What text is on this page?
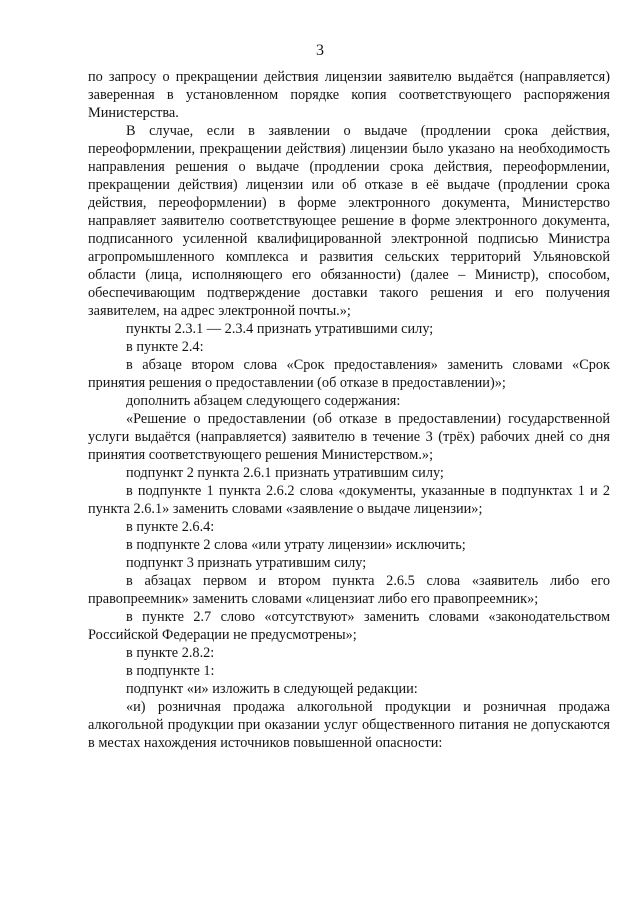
3

по запросу о прекращении действия лицензии заявителю выдаётся (направляется) заверенная в установленном порядке копия соответствующего распоряжения Министерства.

В случае, если в заявлении о выдаче (продлении срока действия, переоформлении, прекращении действия) лицензии было указано на необходимость направления решения о выдаче (продлении срока действия, переоформлении, прекращении действия) лицензии или об отказе в её выдаче (продлении срока действия, переоформлении) в форме электронного документа, Министерство направляет заявителю соответствующее решение в форме электронного документа, подписанного усиленной квалифицированной электронной подписью Министра агропромышленного комплекса и развития сельских территорий Ульяновской области (лица, исполняющего его обязанности) (далее – Министр), способом, обеспечивающим подтверждение доставки такого решения и его получения заявителем, на адрес электронной почты.»;

пункты 2.3.1 — 2.3.4 признать утратившими силу;

в пункте 2.4:

в абзаце втором слова «Срок предоставления» заменить словами «Срок принятия решения о предоставлении (об отказе в предоставлении)»;

дополнить абзацем следующего содержания:

«Решение о предоставлении (об отказе в предоставлении) государственной услуги выдаётся (направляется) заявителю в течение 3 (трёх) рабочих дней со дня принятия соответствующего решения Министерством.»;

подпункт 2 пункта 2.6.1 признать утратившим силу;

в подпункте 1 пункта 2.6.2 слова «документы, указанные в подпунктах 1 и 2 пункта 2.6.1» заменить словами «заявление о выдаче лицензии»;

в пункте 2.6.4:

в подпункте 2 слова «или утрату лицензии» исключить;

подпункт 3 признать утратившим силу;

в абзацах первом и втором пункта 2.6.5 слова «заявитель либо его правопреемник» заменить словами «лицензиат либо его правопреемник»;

в пункте 2.7 слово «отсутствуют» заменить словами «законодательством Российской Федерации не предусмотрены»;

в пункте 2.8.2:

в подпункте 1:

подпункт «и» изложить в следующей редакции:

«и) розничная продажа алкогольной продукции и розничная продажа алкогольной продукции при оказании услуг общественного питания не допускаются в местах нахождения источников повышенной опасности:
